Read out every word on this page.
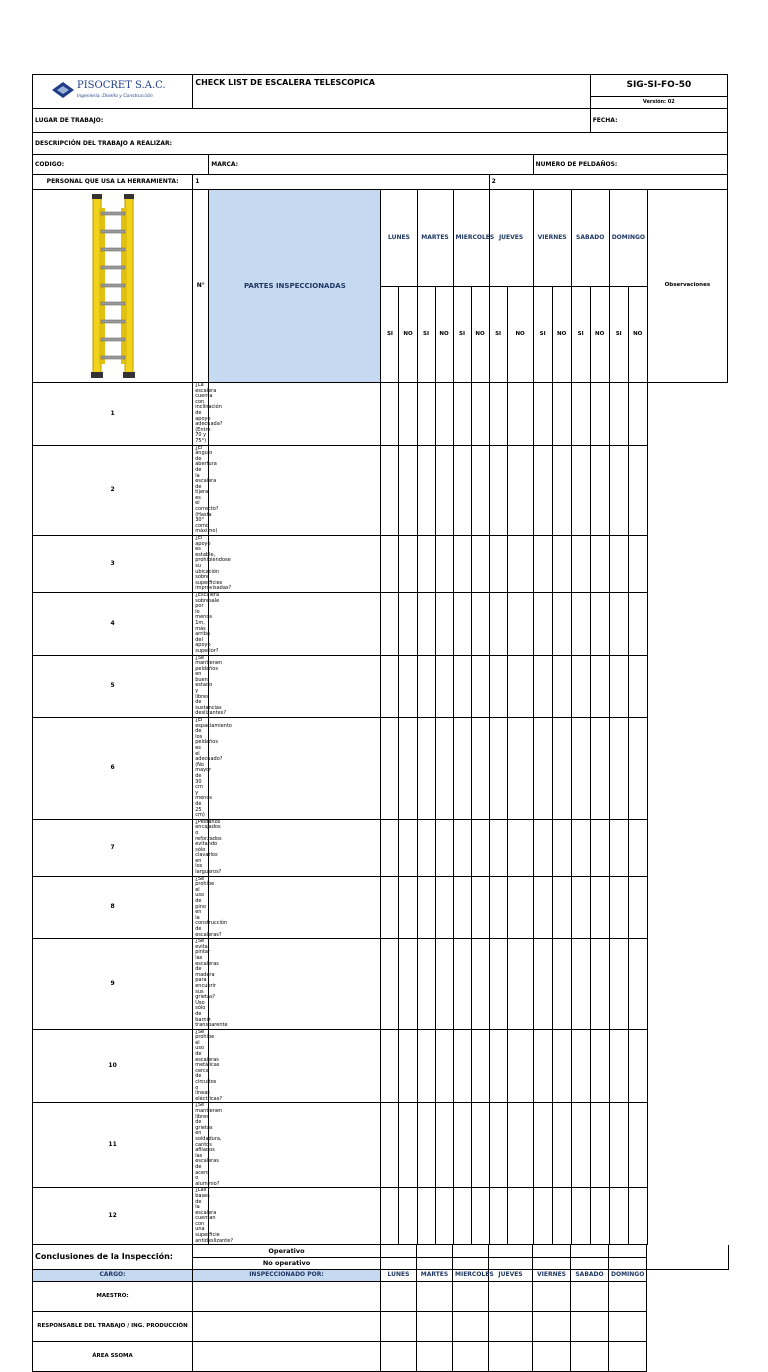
PISOCRET S.A.C.
Ingeniería, Diseño y Construcción	CHECK LIST DE ESCALERA TELESCOPICA													SIG-SI-FO-50			
														Versión: 02			
LUGAR DE TRABAJO:														FECHA:			
DESCRIPCIÓN DEL TRABAJO A REALIZAR:																	
CODIGO:		MARCA:									NUMERO DE PELDAÑOS:						
PERSONAL QUE USA LA HERRAMIENTA:	1								2								
	N°	PARTES INSPECCIONADAS	LUNES		MARTES		MIERCOLES		JUEVES		VIERNES		SABADO		DOMINGO		Observaciones
			SI	NO	SI	NO	SI	NO	SI	NO	SI	NO	SI	NO	SI	NO	
1	¿La escalera cuenta con inclinación de apoyo adecuada? (Entre 70 y 75°)																
2	¿El ángulo de abertura de la escalera de tijera es el correcto? (Hasta 30° como máximo)																
3	¿El apoyo es estable, prohibiéndose su ubicación sobre superficies improvisadas?																
4	¿Escalera sobresale por lo menos 1m, más arriba del apoyo superior?																
5	¿Se mantienen peldaños en buen estado y libres de sustancias deslizantes?																
6	¿El espaciamiento de los peldaños es el adecuado? (No mayor de 30 cm y menos de 25 cm)																
7	¿Peldaños encajados o reforzados evitando sólo clavarlos en los largueros?																
8	¿Se prohíbe el uso de pino en la construcción de escaleras?																
9	¿Se evita pintar las escaleras de madera para encubrir sus grietas? Uso sólo de barniz transparente																
10	¿Se prohíbe el uso de escaleras metálicas cerca de circuitos o líneas eléctricas?																
11	¿Se mantienen libres de grietas en soldadura, cantos afilados las escaleras de acero o aluminio?																
12	¿Las bases de la escalera cuentan con una superficie antideslizante?																
Conclusiones de la Inspección:	Operativo								
	No operativo								
CARGO:	INSPECCIONADO POR:	LUNES	MARTES	MIERCOLES	JUEVES	VIERNES	SABADO	DOMINGO	
MAESTRO:									
RESPONSABLE DEL TRABAJO / ING. PRODUCCIÓN									
ÁREA SSOMA									
